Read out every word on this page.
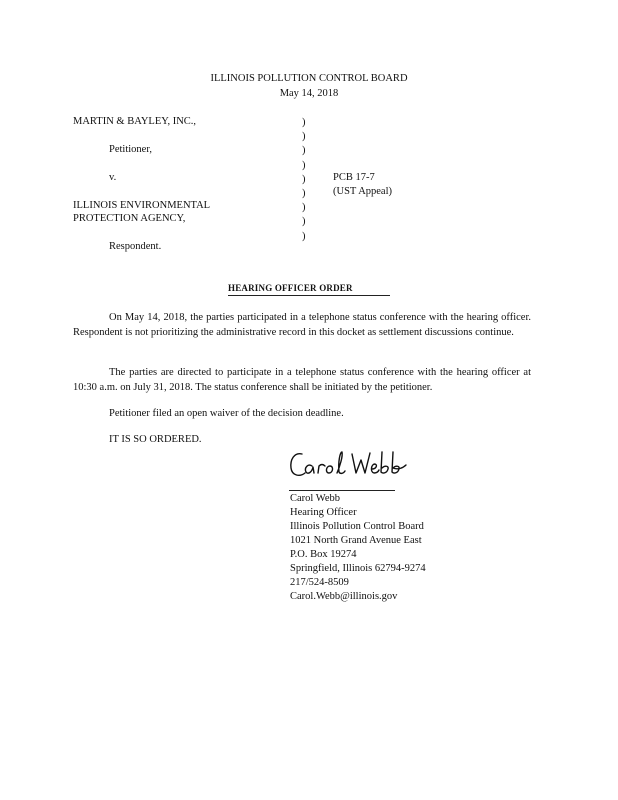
ILLINOIS POLLUTION CONTROL BOARD
May 14, 2018
MARTIN & BAYLEY, INC.,
Petitioner,
v.
ILLINOIS ENVIRONMENTAL
PROTECTION AGENCY,
Respondent.
)
)
)
)
)
)
)
)
)
PCB 17-7
(UST Appeal)
HEARING OFFICER ORDER
On May 14, 2018, the parties participated in a telephone status conference with the hearing officer. Respondent is not prioritizing the administrative record in this docket as settlement discussions continue.
The parties are directed to participate in a telephone status conference with the hearing officer at 10:30 a.m. on July 31, 2018. The status conference shall be initiated by the petitioner.
Petitioner filed an open waiver of the decision deadline.
IT IS SO ORDERED.
Carol Webb
Hearing Officer
Illinois Pollution Control Board
1021 North Grand Avenue East
P.O. Box 19274
Springfield, Illinois 62794-9274
217/524-8509
Carol.Webb@illinois.gov
